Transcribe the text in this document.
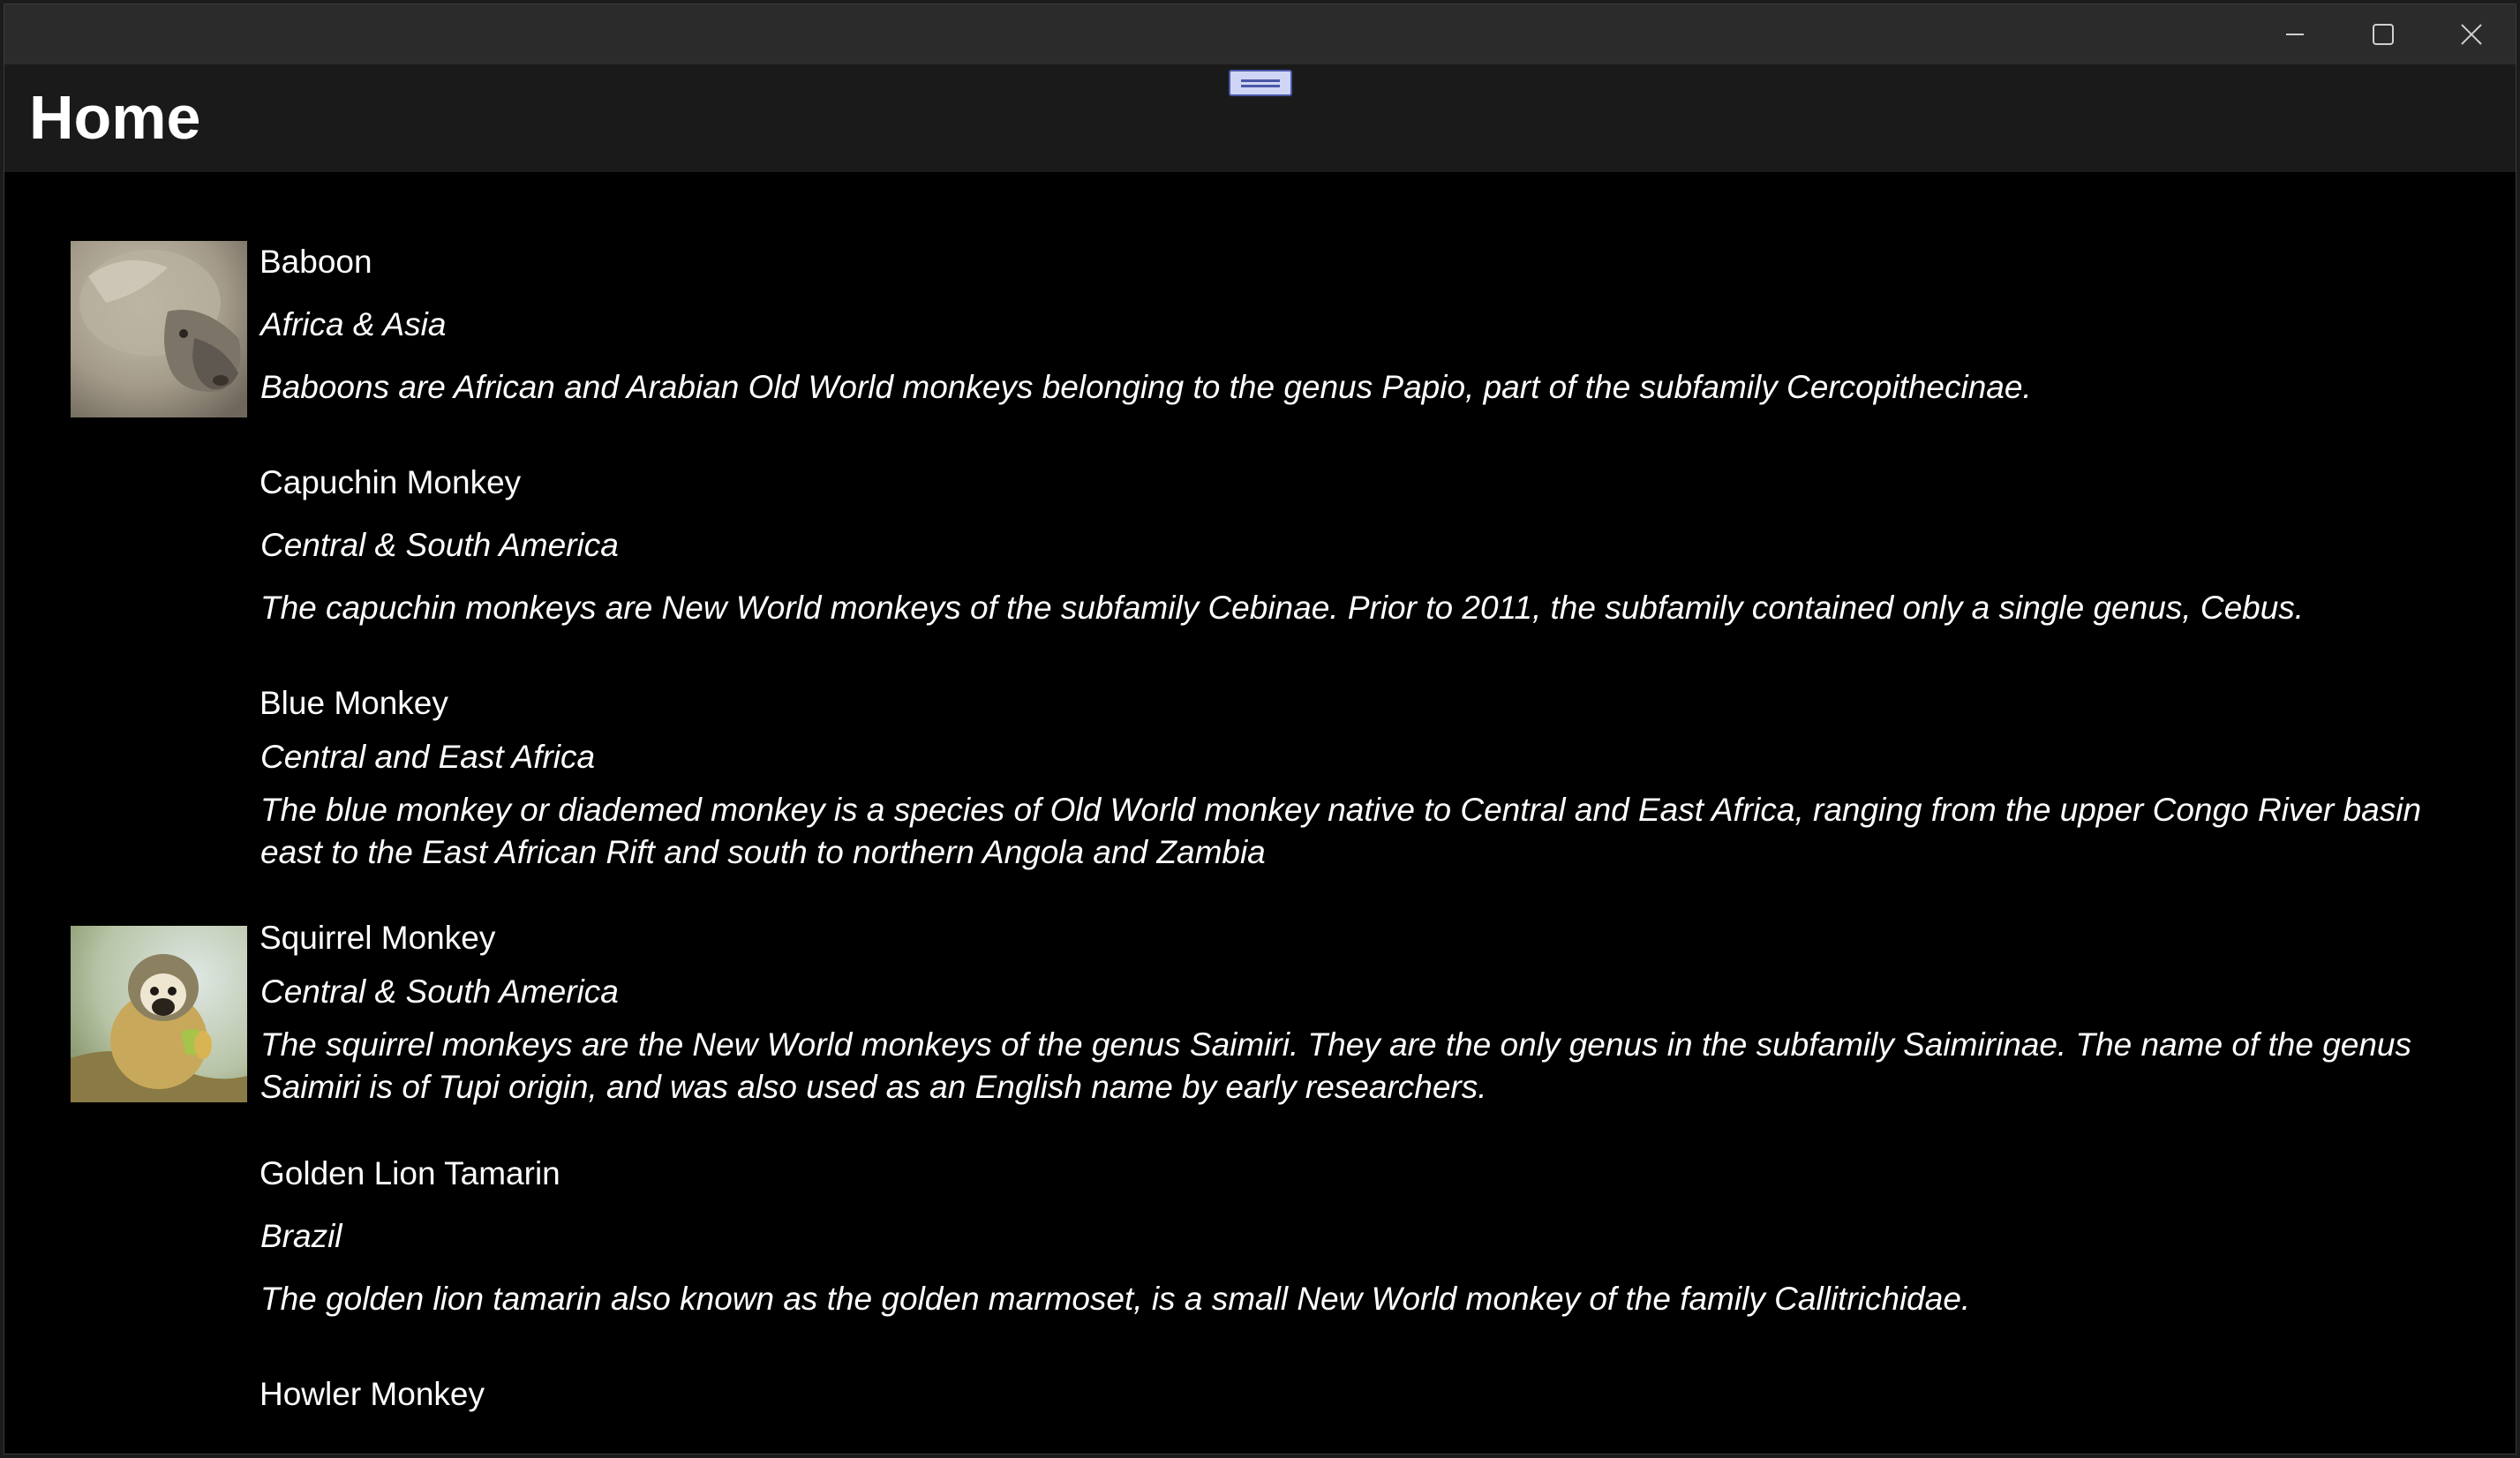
Home
Baboon
Africa & Asia
Baboons are African and Arabian Old World monkeys belonging to the genus Papio, part of the subfamily Cercopithecinae.
Capuchin Monkey
Central & South America
The capuchin monkeys are New World monkeys of the subfamily Cebinae. Prior to 2011, the subfamily contained only a single genus, Cebus.
Blue Monkey
Central and East Africa
The blue monkey or diademed monkey is a species of Old World monkey native to Central and East Africa, ranging from the upper Congo River basin east to the East African Rift and south to northern Angola and Zambia
Squirrel Monkey
Central & South America
The squirrel monkeys are the New World monkeys of the genus Saimiri. They are the only genus in the subfamily Saimirinae. The name of the genus Saimiri is of Tupi origin, and was also used as an English name by early researchers.
Golden Lion Tamarin
Brazil
The golden lion tamarin also known as the golden marmoset, is a small New World monkey of the family Callitrichidae.
Howler Monkey
